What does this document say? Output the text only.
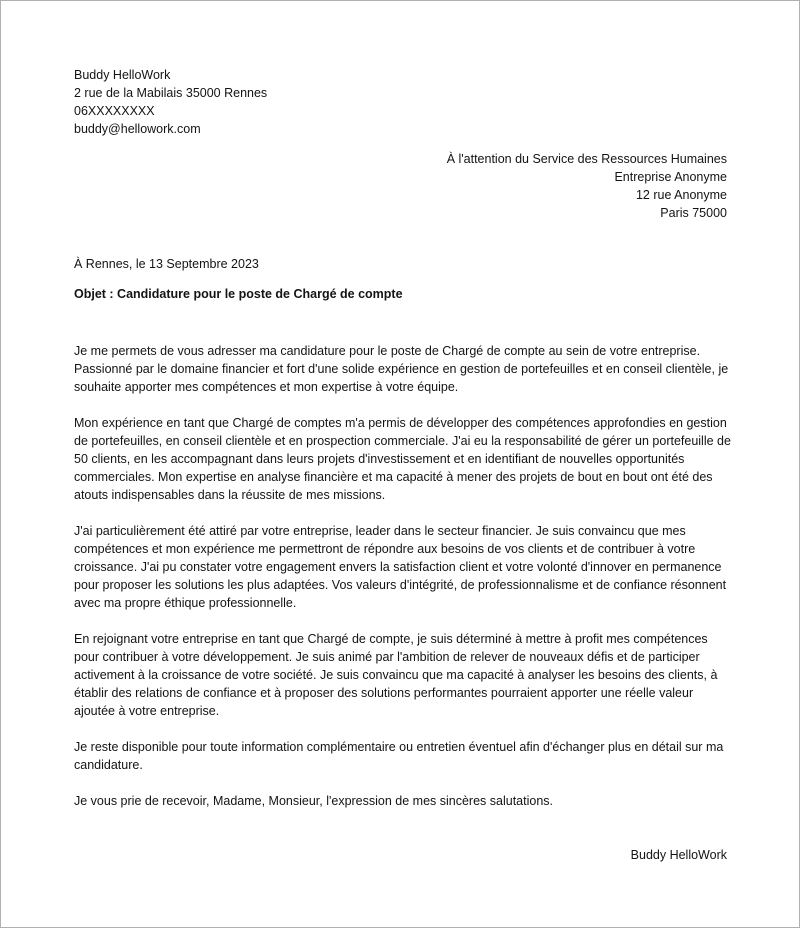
Buddy HelloWork
2 rue de la Mabilais 35000 Rennes
06XXXXXXXX
buddy@hellowork.com
À l'attention du Service des Ressources Humaines
Entreprise Anonyme
12 rue Anonyme
Paris 75000
À Rennes, le 13 Septembre 2023
Objet : Candidature pour le poste de Chargé de compte

Je me permets de vous adresser ma candidature pour le poste de Chargé de compte au sein de votre entreprise. Passionné par le domaine financier et fort d'une solide expérience en gestion de portefeuilles et en conseil clientèle, je souhaite apporter mes compétences et mon expertise à votre équipe.

Mon expérience en tant que Chargé de comptes m'a permis de développer des compétences approfondies en gestion de portefeuilles, en conseil clientèle et en prospection commerciale. J'ai eu la responsabilité de gérer un portefeuille de 50 clients, en les accompagnant dans leurs projets d'investissement et en identifiant de nouvelles opportunités commerciales. Mon expertise en analyse financière et ma capacité à mener des projets de bout en bout ont été des atouts indispensables dans la réussite de mes missions.

J'ai particulièrement été attiré par votre entreprise, leader dans le secteur financier. Je suis convaincu que mes compétences et mon expérience me permettront de répondre aux besoins de vos clients et de contribuer à votre croissance. J'ai pu constater votre engagement envers la satisfaction client et votre volonté d'innover en permanence pour proposer les solutions les plus adaptées. Vos valeurs d'intégrité, de professionnalisme et de confiance résonnent avec ma propre éthique professionnelle.

En rejoignant votre entreprise en tant que Chargé de compte, je suis déterminé à mettre à profit mes compétences pour contribuer à votre développement. Je suis animé par l'ambition de relever de nouveaux défis et de participer activement à la croissance de votre société. Je suis convaincu que ma capacité à analyser les besoins des clients, à établir des relations de confiance et à proposer des solutions performantes pourraient apporter une réelle valeur ajoutée à votre entreprise.

Je reste disponible pour toute information complémentaire ou entretien éventuel afin d'échanger plus en détail sur ma candidature.

Je vous prie de recevoir, Madame, Monsieur, l'expression de mes sincères salutations.

Buddy HelloWork
